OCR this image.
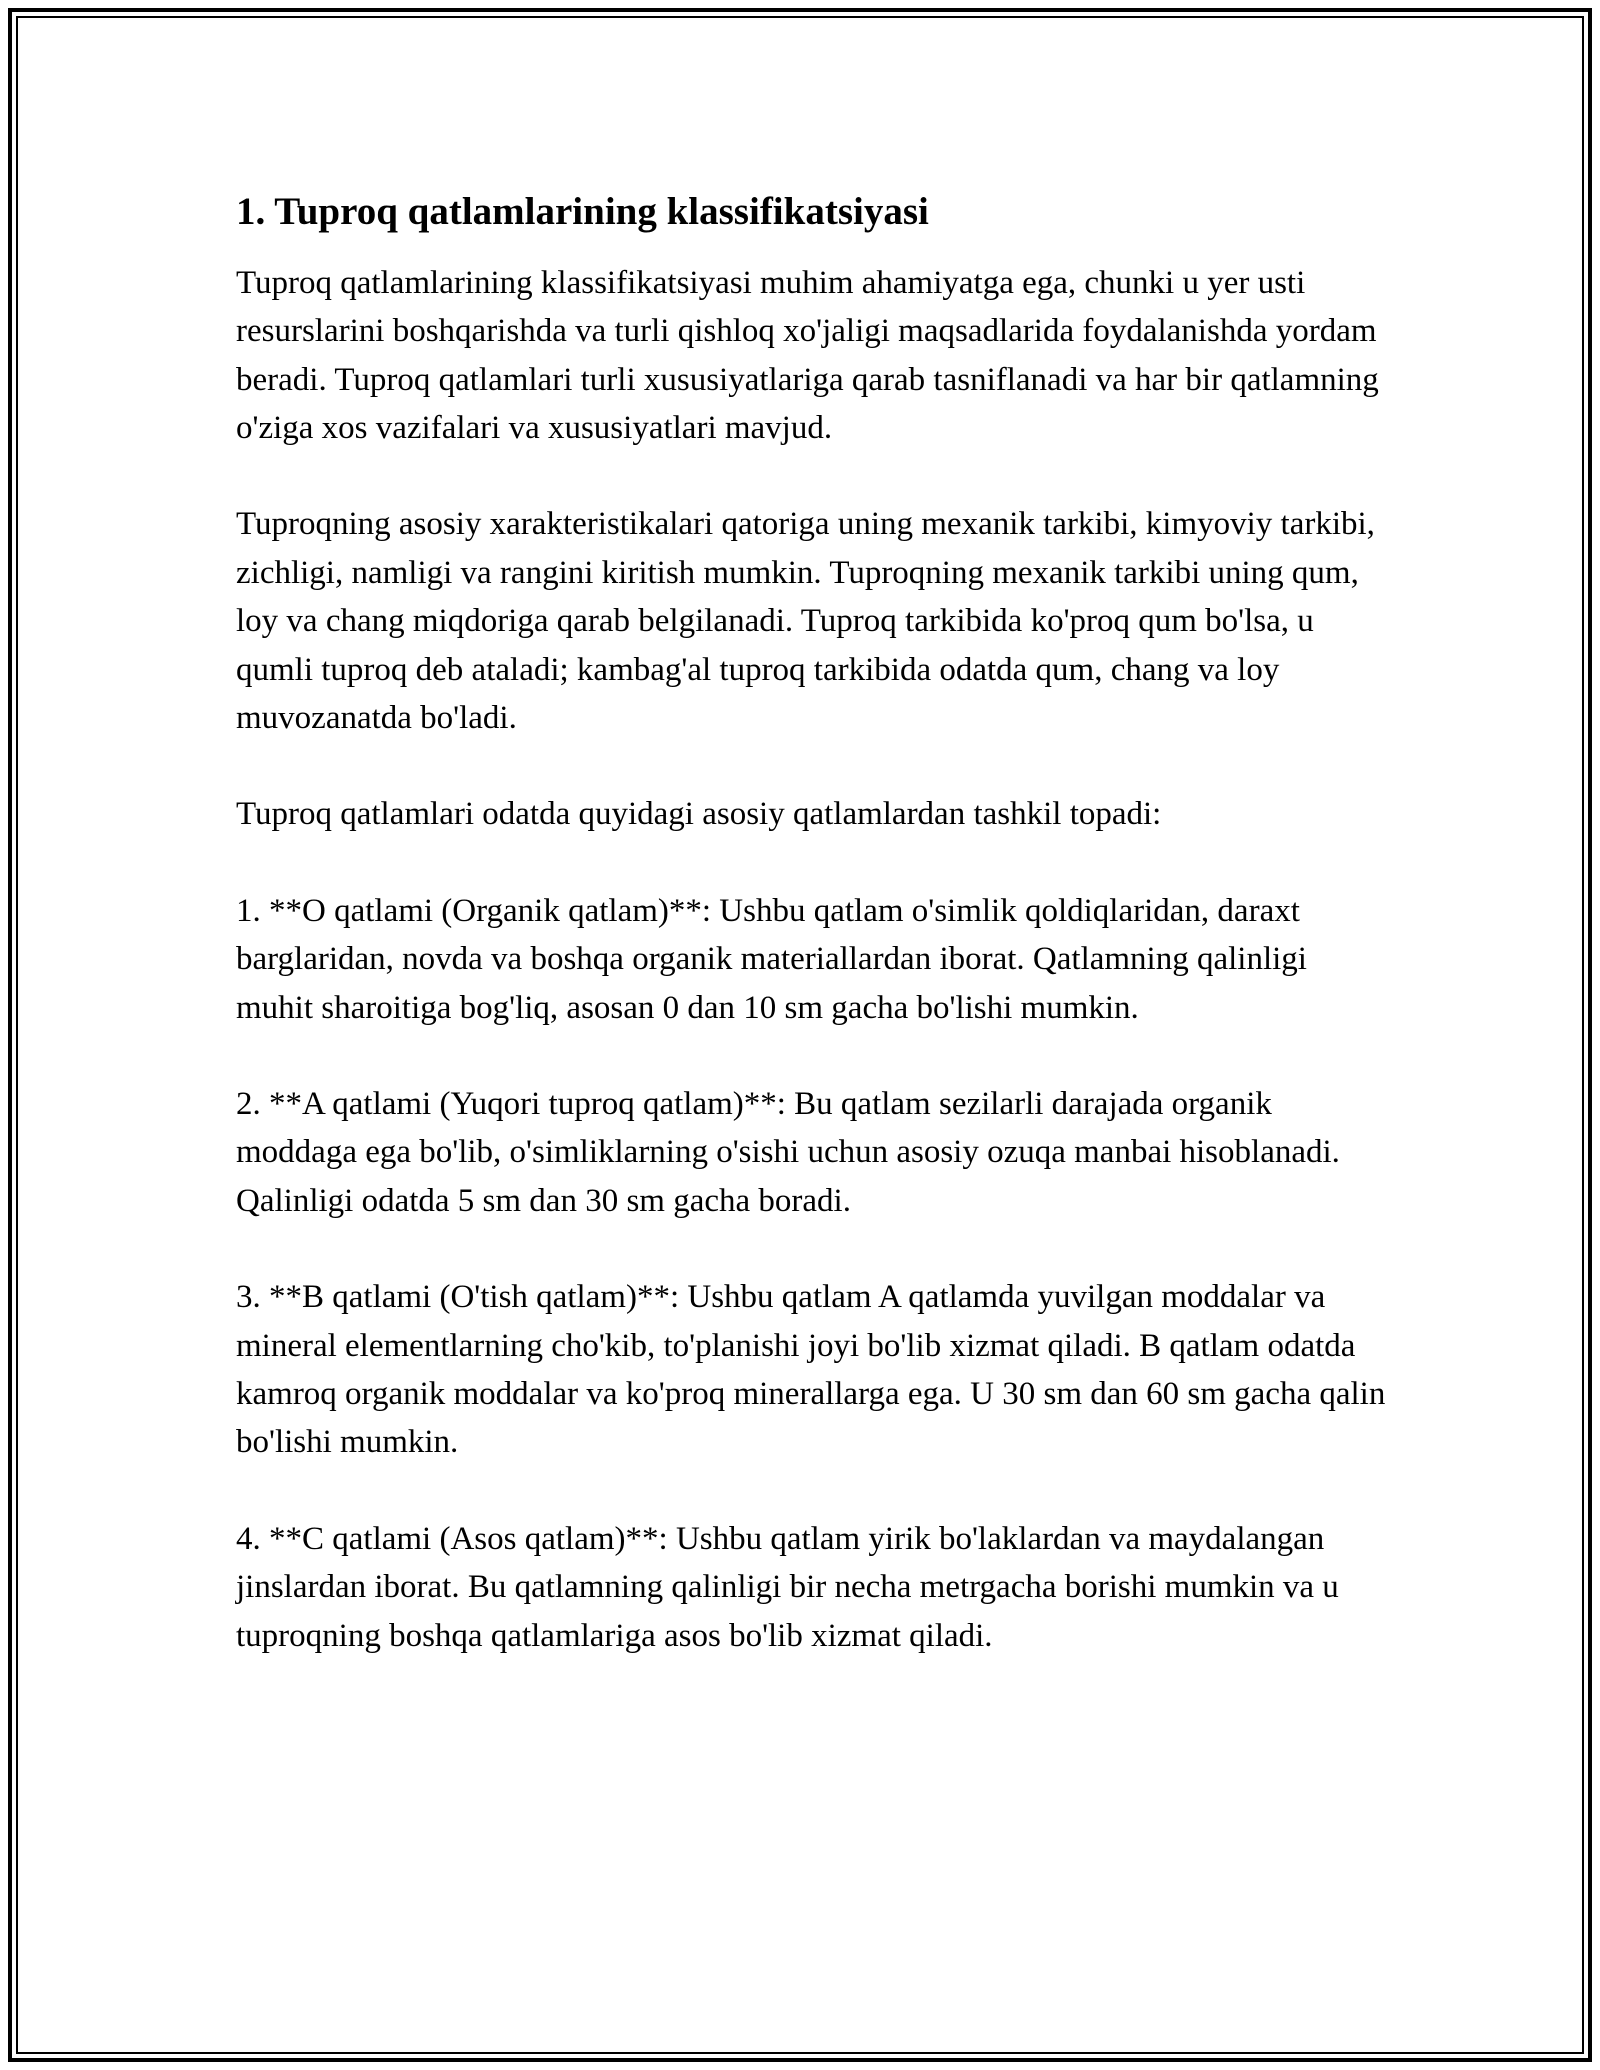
1. Tuproq qatlamlarining klassifikatsiyasi

Tuproq qatlamlarining klassifikatsiyasi muhim ahamiyatga ega, chunki u yer usti resurslarini boshqarishda va turli qishloq xo'jaligi maqsadlarida foydalanishda yordam beradi. Tuproq qatlamlari turli xususiyatlariga qarab tasniflanadi va har bir qatlamning o'ziga xos vazifalari va xususiyatlari mavjud.

Tuproqning asosiy xarakteristikalari qatoriga uning mexanik tarkibi, kimyoviy tarkibi, zichligi, namligi va rangini kiritish mumkin. Tuproqning mexanik tarkibi uning qum, loy va chang miqdoriga qarab belgilanadi. Tuproq tarkibida ko'proq qum bo'lsa, u qumli tuproq deb ataladi; kambag'al tuproq tarkibida odatda qum, chang va loy muvozanatda bo'ladi.

Tuproq qatlamlari odatda quyidagi asosiy qatlamlardan tashkil topadi:

1. **O qatlami (Organik qatlam)**: Ushbu qatlam o'simlik qoldiqlaridan, daraxt barglaridan, novda va boshqa organik materiallardan iborat. Qatlamning qalinligi muhit sharoitiga bog'liq, asosan 0 dan 10 sm gacha bo'lishi mumkin.

2. **A qatlami (Yuqori tuproq qatlam)**: Bu qatlam sezilarli darajada organik moddaga ega bo'lib, o'simliklarning o'sishi uchun asosiy ozuqa manbai hisoblanadi. Qalinligi odatda 5 sm dan 30 sm gacha boradi.

3. **B qatlami (O'tish qatlam)**: Ushbu qatlam A qatlamda yuvilgan moddalar va mineral elementlarning cho'kib, to'planishi joyi bo'lib xizmat qiladi. B qatlam odatda kamroq organik moddalar va ko'proq minerallarga ega. U 30 sm dan 60 sm gacha qalin bo'lishi mumkin.

4. **C qatlami (Asos qatlam)**: Ushbu qatlam yirik bo'laklardan va maydalangan jinslardan iborat. Bu qatlamning qalinligi bir necha metrgacha borishi mumkin va u tuproqning boshqa qatlamlariga asos bo'lib xizmat qiladi.
